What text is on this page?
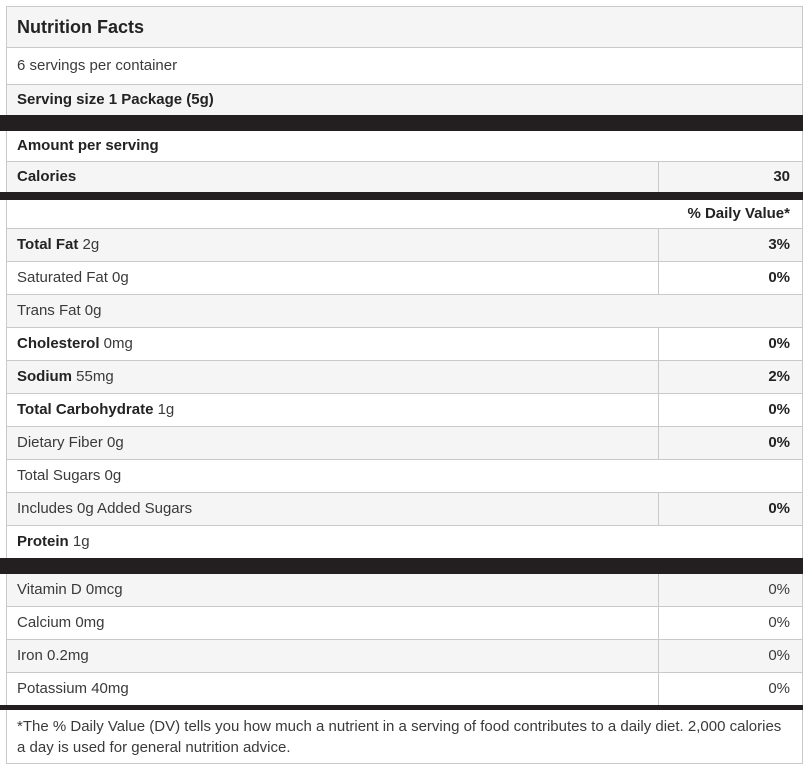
Nutrition Facts
6 servings per container
Serving size 1 Package (5g)
Amount per serving
Calories	30
% Daily Value*
Total Fat 2g	3%
Saturated Fat 0g	0%
Trans Fat 0g
Cholesterol 0mg	0%
Sodium 55mg	2%
Total Carbohydrate 1g	0%
Dietary Fiber 0g	0%
Total Sugars 0g
Includes 0g Added Sugars	0%
Protein 1g
Vitamin D 0mcg	0%
Calcium 0mg	0%
Iron 0.2mg	0%
Potassium 40mg	0%
*The % Daily Value (DV) tells you how much a nutrient in a serving of food contributes to a daily diet. 2,000 calories a day is used for general nutrition advice.
